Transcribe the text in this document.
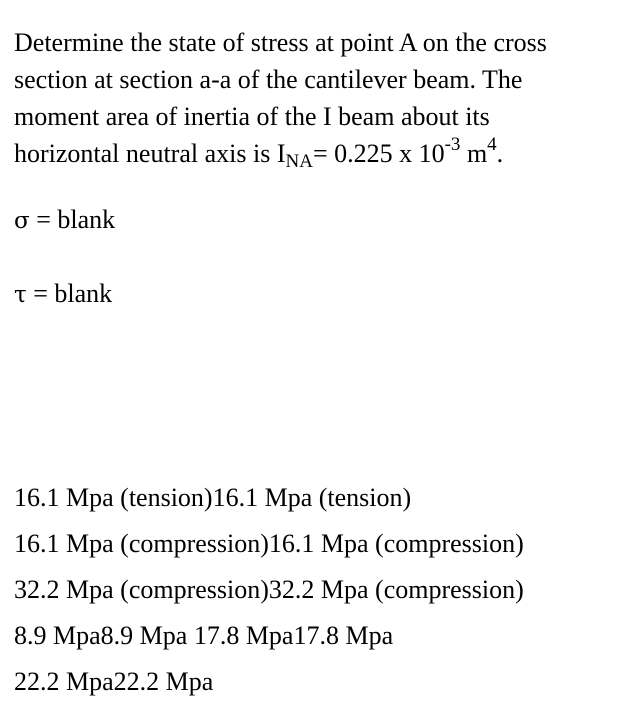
Determine the state of stress at point A on the cross
section at section a-a of the cantilever beam. The
moment area of inertia of the I beam about its
horizontal neutral axis is $I_{NA}= 0.225$ x $10^{-3}$ $m^4$.
σ = blank
τ = blank
16.1 Mpa (tension)16.1 Mpa (tension)
16.1 Mpa (compression)16.1 Mpa (compression)
32.2 Mpa (compression)32.2 Mpa (compression)
8.9 Mpa8.9 Mpa 17.8 Mpa17.8 Mpa
22.2 Mpa22.2 Mpa
